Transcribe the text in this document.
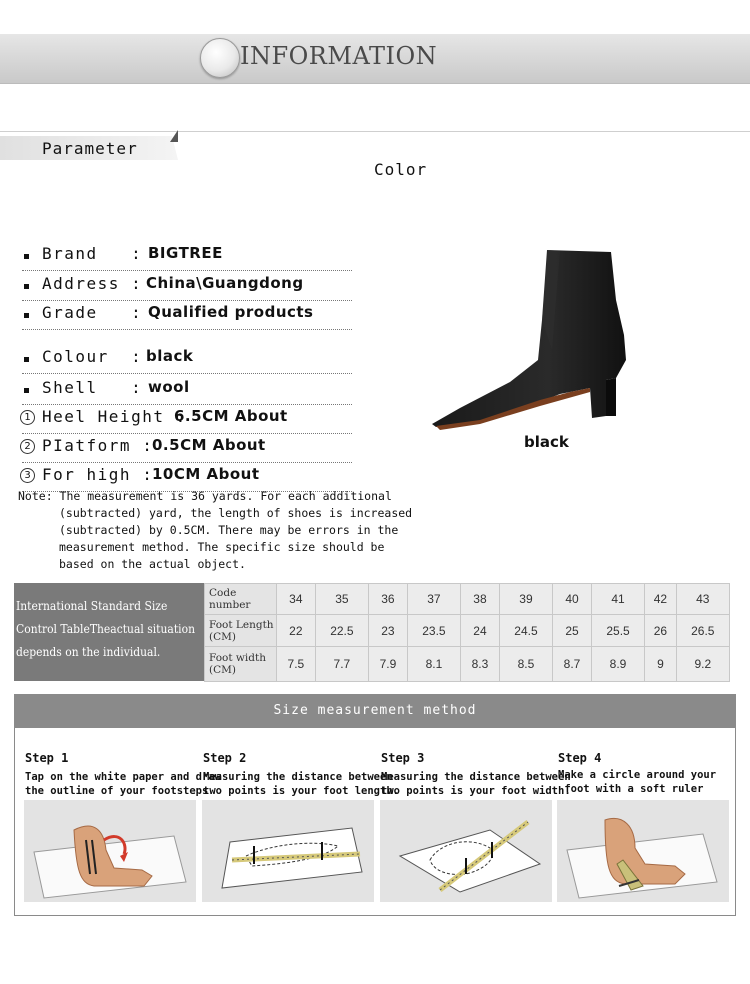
INFORMATION
Parameter
Color
Brand   : BIGTREE
Address : China\Guangdong
Grade   : Qualified products
Colour  : black
Shell   : wool
1 Heel Height :
6.5CM About
2 PIatform :
0.5CM About
3 For high :
10CM About
Note: The measurement is 36 yards. For each additional
(subtracted) yard, the length of shoes is increased
(subtracted) by 0.5CM. There may be errors in the
measurement method. The specific size should be
based on the actual object.
black
International Standard Size
Control TableTheactual situation
depends on the individual.
Code number	34	35	36	37	38	39	40	41	42	43
Foot Length (CM)	22	22.5	23	23.5	24	24.5	25	25.5	26	26.5
Foot width (CM)	7.5	7.7	7.9	8.1	8.3	8.5	8.7	8.9	9	9.2
Size measurement method
Step 1	Step 2	Step 3	Step 4
Tap on the white paper and
the outline of your footsteps
Measuring the distance between
two points is your foot
Measuring the distance between
two points is your foot width.
Make a circle around your
foot with a soft ruler
